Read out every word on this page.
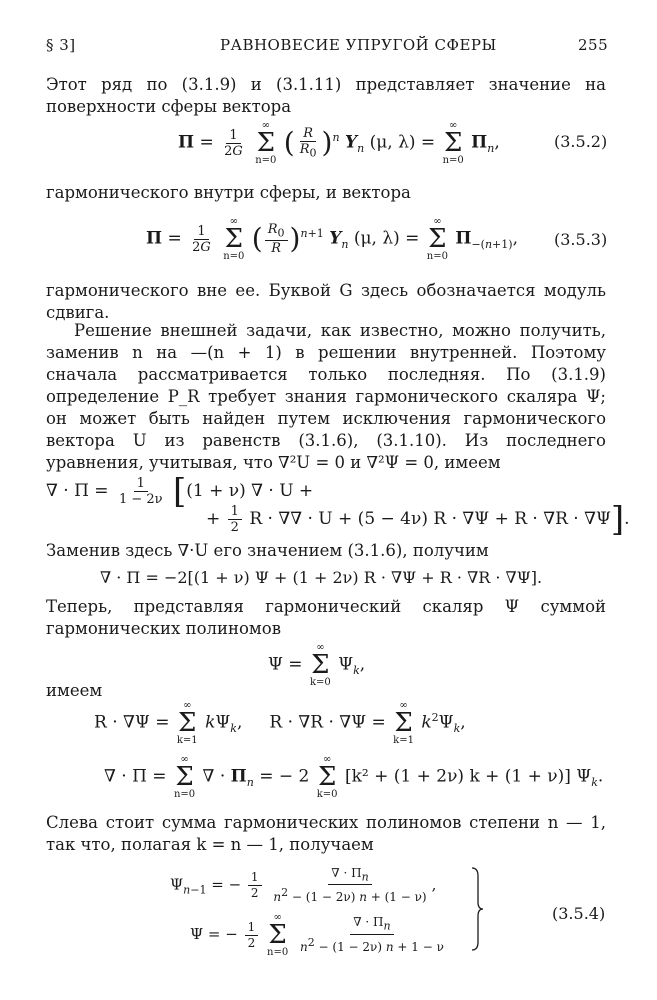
§ 3]	РАВНОВЕСИЕ УПРУГОЙ СФЕРЫ	255
Этот ряд по (3.1.9) и (3.1.11) представляет значение на поверхности сферы вектора
$\Pi = \frac{1}{2G}$

∞
Σ
n=0
( $\frac{R}{R_0} )^n$ $Y_n$ (μ, λ) =
∞
Σ
n=0
$\Pi_n$,	(3.5.2)
гармонического внутри сферы, и вектора
$\Pi = \frac{1}{2G}$

∞
Σ
n=0
( $\frac{R_0}{R} )^{n+1}$ $Y_n$ (μ, λ) =
∞
Σ
n=0
$\Pi_{-(n+1)}$, (3.5.3)
гармонического вне ее. Буквой G здесь обозначается модуль сдвига.
Решение внешней задачи, как известно, можно получить, заменив n на —(n + 1) в решении внутренней. Поэтому сначала рассматривается только последняя. По (3.1.9) определение P_R требует знания гармонического скаляра Ψ; он может быть найден путем исключения гармонического вектора U из равенств (3.1.6), (3.1.10). Из последнего уравнения, учитывая, что ∇²U = 0 и ∇²Ψ = 0, имеем
∇ · $\Pi = \frac{1}{1 - 2\nu} [(1 + \nu)$ ∇ · U +
+ $\frac{1}{2}$ R · ∇∇ · U + (5 − 4ν) R · ∇Ψ + R · ∇R · ∇Ψ].
Заменив здесь ∇·U его значением (3.1.6), получим
∇ · Π = −2[(1 + ν) Ψ + (1 + 2ν) R · ∇Ψ + R · ∇R · ∇Ψ].
Теперь, представляя гармонический скаляр Ψ суммой гармонических полиномов
Ψ =
∞
Σ
k=0
$\Psi_k$,
имеем
R · ∇Ψ =
∞
Σ
k=1
$k\Psi_k$,     R · ∇R · ∇Ψ =
∞
Σ
k=1
$k^2\Psi_k$,
∇ · Π =
∞
Σ
n=0
∇ · $\Pi_n$ = − 2
∞
Σ
k=0
[k² + (1 + 2ν) k + (1 + ν)] $\Psi_k$.
Слева стоит сумма гармонических полиномов степени n — 1, так что, полагая k = n — 1, получаем
$\Psi_{n-1}$ = − $\frac{1}{2}$
$\frac{\nabla \cdot \Pi_n}{n^2 - (1 - 2\nu) n + (1 - \nu)}$ ,
Ψ = − $\frac{1}{2}$

∞
Σ
n=0
$\frac{\nabla \cdot \Pi_n}{n^2 - (1 - 2\nu) n + 1 - \nu}$
(3.5.4)
